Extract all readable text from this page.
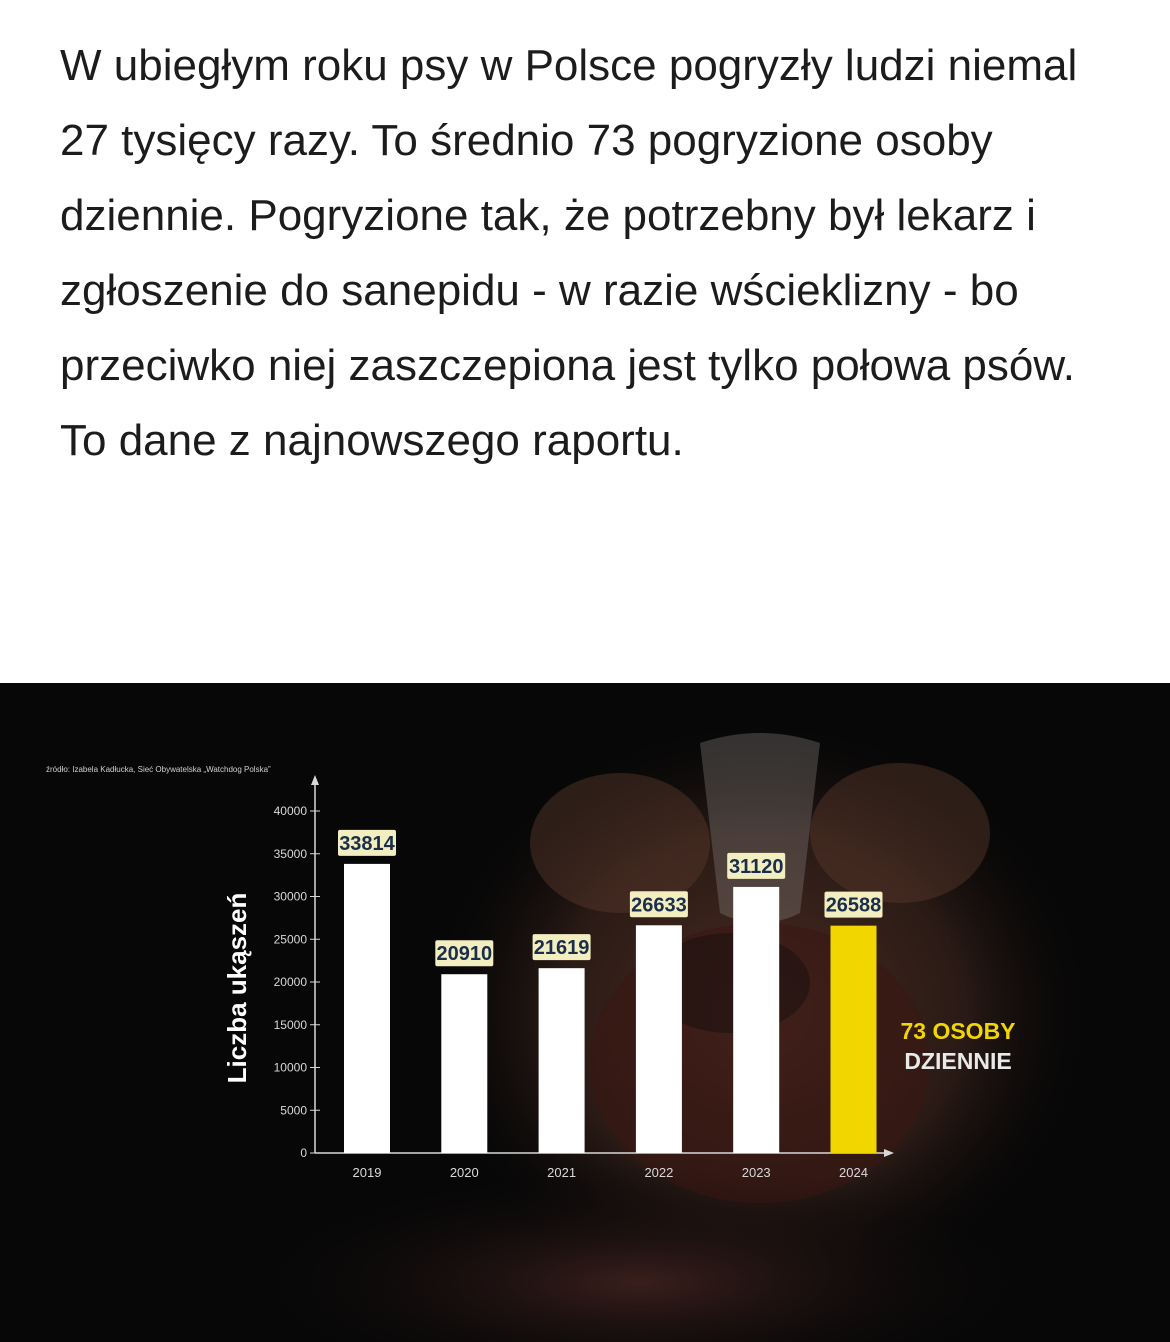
W ubiegłym roku psy w Polsce pogryzły ludzi niemal 27 tysięcy razy. To średnio 73 pogryzione osoby dziennie. Pogryzione tak, że potrzebny był lekarz i zgłoszenie do sanepidu - w razie wścieklizny - bo przeciwko niej zaszczepiona jest tylko połowa psów. To dane z najnowszego raportu.

źródło: Izabela Kadłucka, Sieć Obywatelska „Watchdog Polska”
Liczba ukąszeń
0
5000
10000
15000
20000
25000
30000
35000
40000
33814
20910 21619
26633
31120
26588
2019	2020	2021	2022	2023	2024
73 OSOBY
DZIENNIE
